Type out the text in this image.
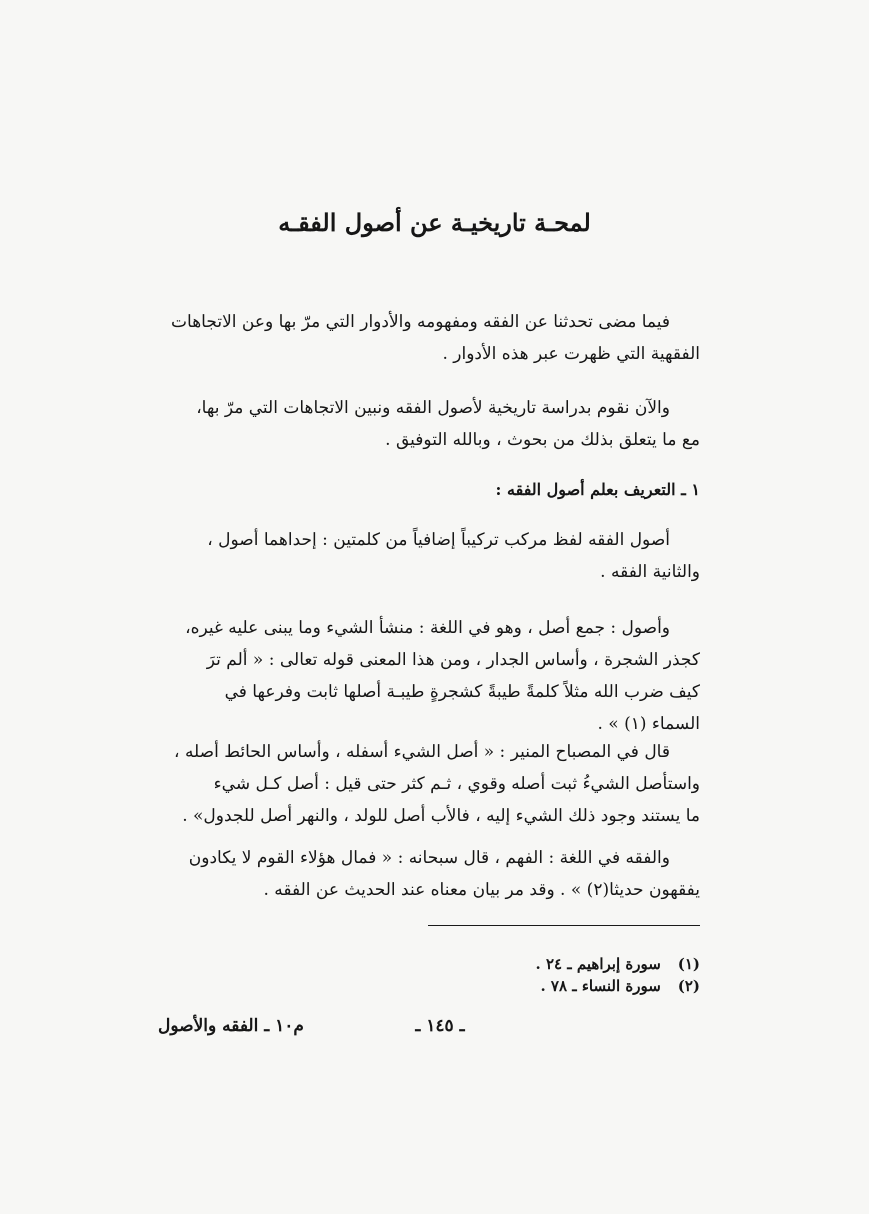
لمحـة تاريخيـة عن أصول الفقـه

فيما مضى تحدثنا عن الفقه ومفهومه والأدوار التي مرّ بها وعن الاتجاهات
الفقهية التي ظهرت عبر هذه الأدوار .

والآن نقوم بدراسة تاريخية لأصول الفقه ونبين الاتجاهات التي مرّ بها،
مع ما يتعلق بذلك من بحوث ، وبالله التوفيق .

١ ـ التعريف بعلم أصول الفقه :

أصول الفقه لفظ مركب تركيباً إضافياً من كلمتين : إحداهما أصول ،
والثانية الفقه .

وأصول : جمع أصل ، وهو في اللغة : منشأ الشيء وما يبنى عليه غيره،
كجذر الشجرة ، وأساس الجدار ، ومن هذا المعنى قوله تعالى : « ألم ترَ
كيف ضرب الله مثلاً كلمةً طيبةً كشجرةٍ طيبـة أصلها ثابت وفرعها في
السماء (١) » .

قال في المصباح المنير : « أصل الشيء أسفله ، وأساس الحائط أصله ،
واستأصل الشيءُ ثبت أصله وقوي ، ثـم كثر حتى قيل : أصل كـل شيء
ما يستند وجود ذلك الشيء إليه ، فالأب أصل للولد ، والنهر أصل للجدول» .

والفقه في اللغة : الفهم ، قال سبحانه : « فمال هؤلاء القوم لا يكادون
يفقهون حديثا(٢) » . وقد مر بيان معناه عند الحديث عن الفقه .

(١) سورة إبراهيم ـ ٢٤ .
(٢) سورة النساء ـ ٧٨ .
ـ ١٤٥ ـ
م١٠ ـ الفقه والأصول
